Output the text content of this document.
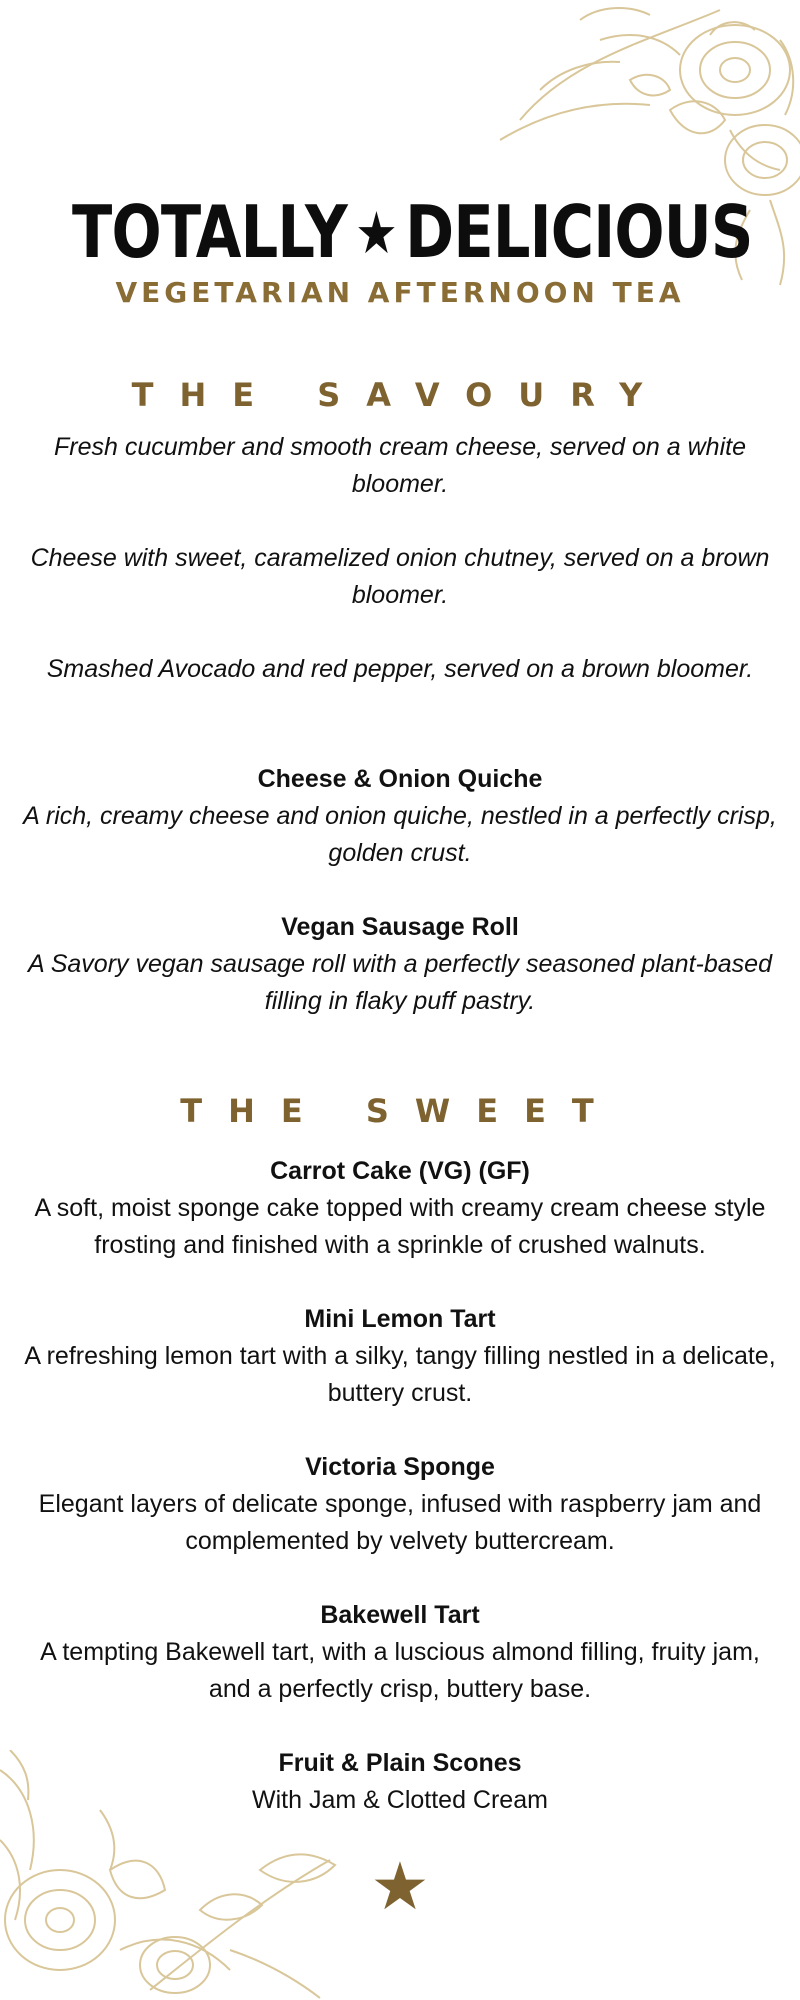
TOTALLY ★ DELICIOUS
VEGETARIAN AFTERNOON TEA
THE SAVOURY
Fresh cucumber and smooth cream cheese, served on a white bloomer.
Cheese with sweet, caramelized onion chutney, served on a brown bloomer.
Smashed Avocado and red pepper, served on a brown bloomer.
Cheese & Onion Quiche
A rich, creamy cheese and onion quiche, nestled in a perfectly crisp, golden crust.
Vegan Sausage Roll
A Savory vegan sausage roll with a perfectly seasoned plant-based filling in flaky puff pastry.
THE SWEET
Carrot Cake (VG) (GF)
A soft, moist sponge cake topped with creamy cream cheese style frosting and finished with a sprinkle of crushed walnuts.
Mini Lemon Tart
A refreshing lemon tart with a silky, tangy filling nestled in a delicate, buttery crust.
Victoria Sponge
Elegant layers of delicate sponge, infused with raspberry jam and complemented by velvety buttercream.
Bakewell Tart
A tempting Bakewell tart, with a luscious almond filling, fruity jam, and a perfectly crisp, buttery base.
Fruit & Plain Scones
With Jam & Clotted Cream
★
